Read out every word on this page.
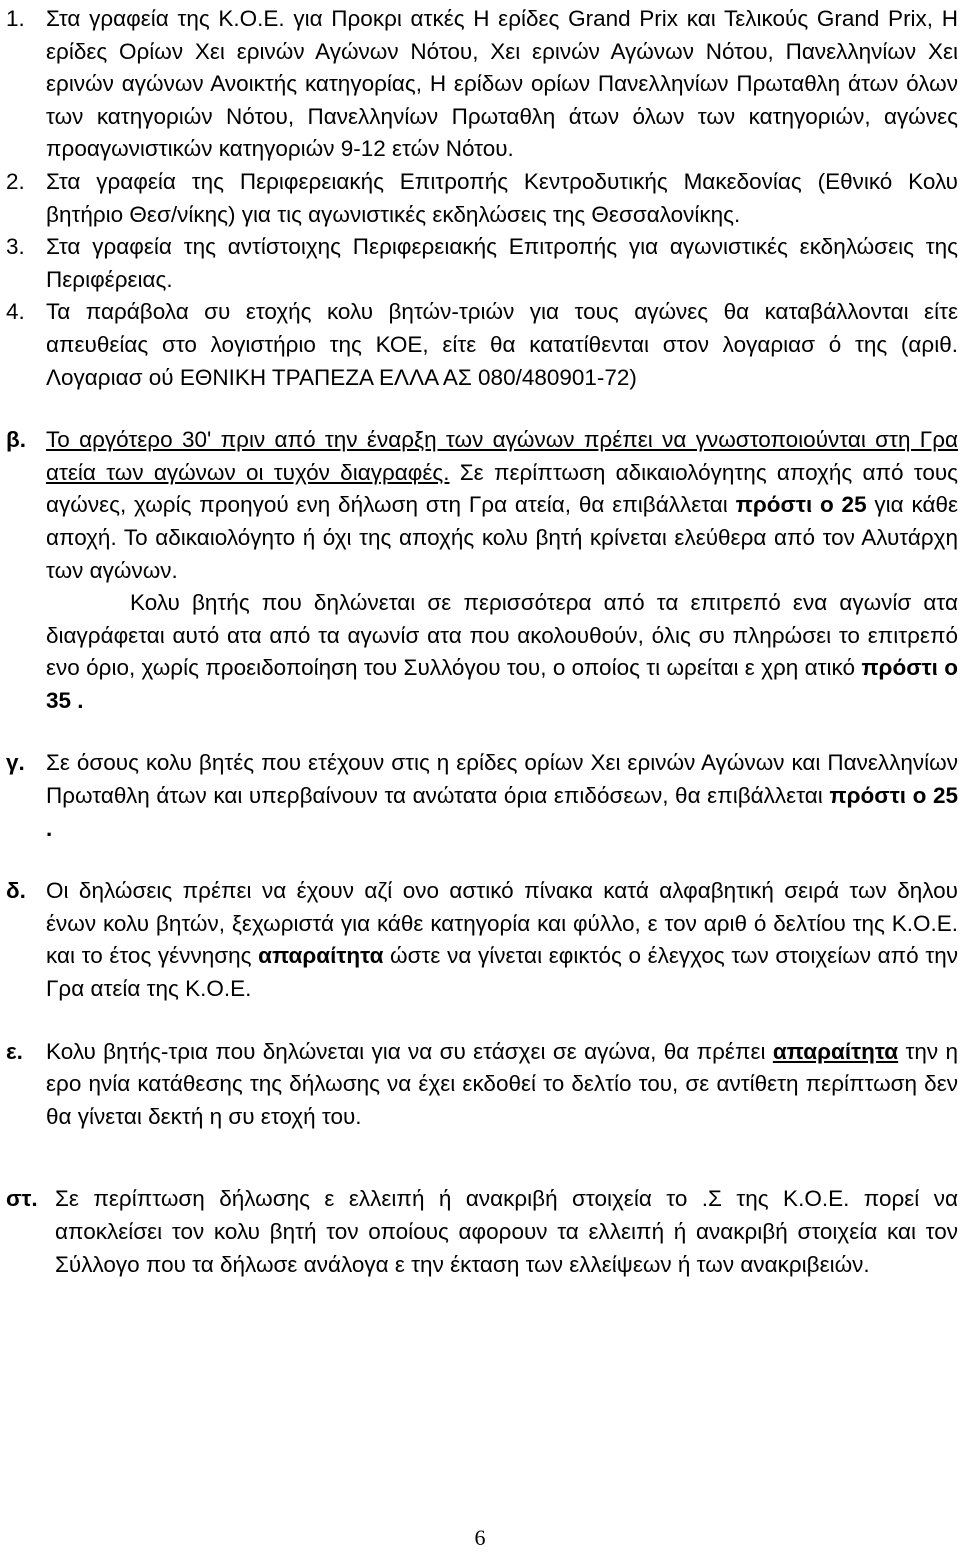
1. Στα γραφεία της Κ.Ο.Ε. για Προκρι ατκές Η ερίδες Grand Prix και Τελικούς Grand Prix, Η ερίδες Ορίων Χει ερινών Αγώνων Νότου, Χει ερινών Αγώνων Νότου, Πανελληνίων Χει ερινών αγώνων Ανοικτής κατηγορίας, Η ερίδων ορίων Πανελληνίων Πρωταθλη άτων όλων των κατηγοριών Νότου, Πανελληνίων Πρωταθλη άτων όλων των κατηγοριών, αγώνες προαγωνιστικών κατηγοριών 9-12 ετών Νότου.
2. Στα γραφεία της Περιφερειακής Επιτροπής Κεντροδυτικής Μακεδονίας (Εθνικό Κολυ βητήριο Θεσ/νίκης) για τις αγωνιστικές εκδηλώσεις της Θεσσαλονίκης.
3. Στα γραφεία της αντίστοιχης Περιφερειακής Επιτροπής για αγωνιστικές εκδηλώσεις της Περιφέρειας.
4. Τα παράβολα συ ετοχής κολυ βητών-τριών για τους αγώνες θα καταβάλλονται είτε απευθείας στο λογιστήριο της ΚΟΕ, είτε θα κατατίθενται στον λογαριασ ό της (αριθ. Λογαριασ ού ΕΘΝΙΚΗ ΤΡΑΠΕΖΑ ΕΛΛΑ ΑΣ 080/480901-72)
β. Το αργότερο 30' πριν από την έναρξη των αγώνων πρέπει να γνωστοποιούνται στη Γρα ατεία των αγώνων οι τυχόν διαγραφές. Σε περίπτωση αδικαιολόγητης αποχής από τους αγώνες, χωρίς προηγού ενη δήλωση στη Γρα ατεία, θα επιβάλλεται πρόστι ο 25 για κάθε αποχή. Το αδικαιολόγητο ή όχι της αποχής κολυ βητή κρίνεται ελεύθερα από τον Αλυτάρχη των αγώνων.
Κολυ βητής που δηλώνεται σε περισσότερα από τα επιτρεπό ενα αγωνίσ ατα διαγράφεται αυτό ατα από τα αγωνίσ ατα που ακολουθούν, όλις συ πληρώσει το επιτρεπό ενο όριο, χωρίς προειδοποίηση του Συλλόγου του, ο οποίος τι ωρείται ε χρη ατικό πρόστι ο 35 .
γ. Σε όσους κολυ βητές που ετέχουν στις η ερίδες ορίων Χει ερινών Αγώνων και Πανελληνίων Πρωταθλη άτων και υπερβαίνουν τα ανώτατα όρια επιδόσεων, θα επιβάλλεται πρόστι ο 25 .
δ. Οι δηλώσεις πρέπει να έχουν αζί ονο αστικό πίνακα κατά αλφαβητική σειρά των δηλου ένων κολυ βητών, ξεχωριστά για κάθε κατηγορία και φύλλο, ε τον αριθ ό δελτίου της Κ.Ο.Ε. και το έτος γέννησης απαραίτητα ώστε να γίνεται εφικτός ο έλεγχος των στοιχείων από την Γρα ατεία της Κ.Ο.Ε.
ε. Κολυ βητής-τρια που δηλώνεται για να συ ετάσχει σε αγώνα, θα πρέπει απαραίτητα την η ερο ηνία κατάθεσης της δήλωσης να έχει εκδοθεί το δελτίο του, σε αντίθετη περίπτωση δεν θα γίνεται δεκτή η συ ετοχή του.
στ. Σε περίπτωση δήλωσης ε ελλειπή ή ανακριβή στοιχεία το .Σ της Κ.Ο.Ε. πορεί να αποκλείσει τον κολυ βητή τον οποίους αφορουν τα ελλειπή ή ανακριβή στοιχεία και τον Σύλλογο που τα δήλωσε ανάλογα ε την έκταση των ελλείψεων ή των ανακριβειών.
6
